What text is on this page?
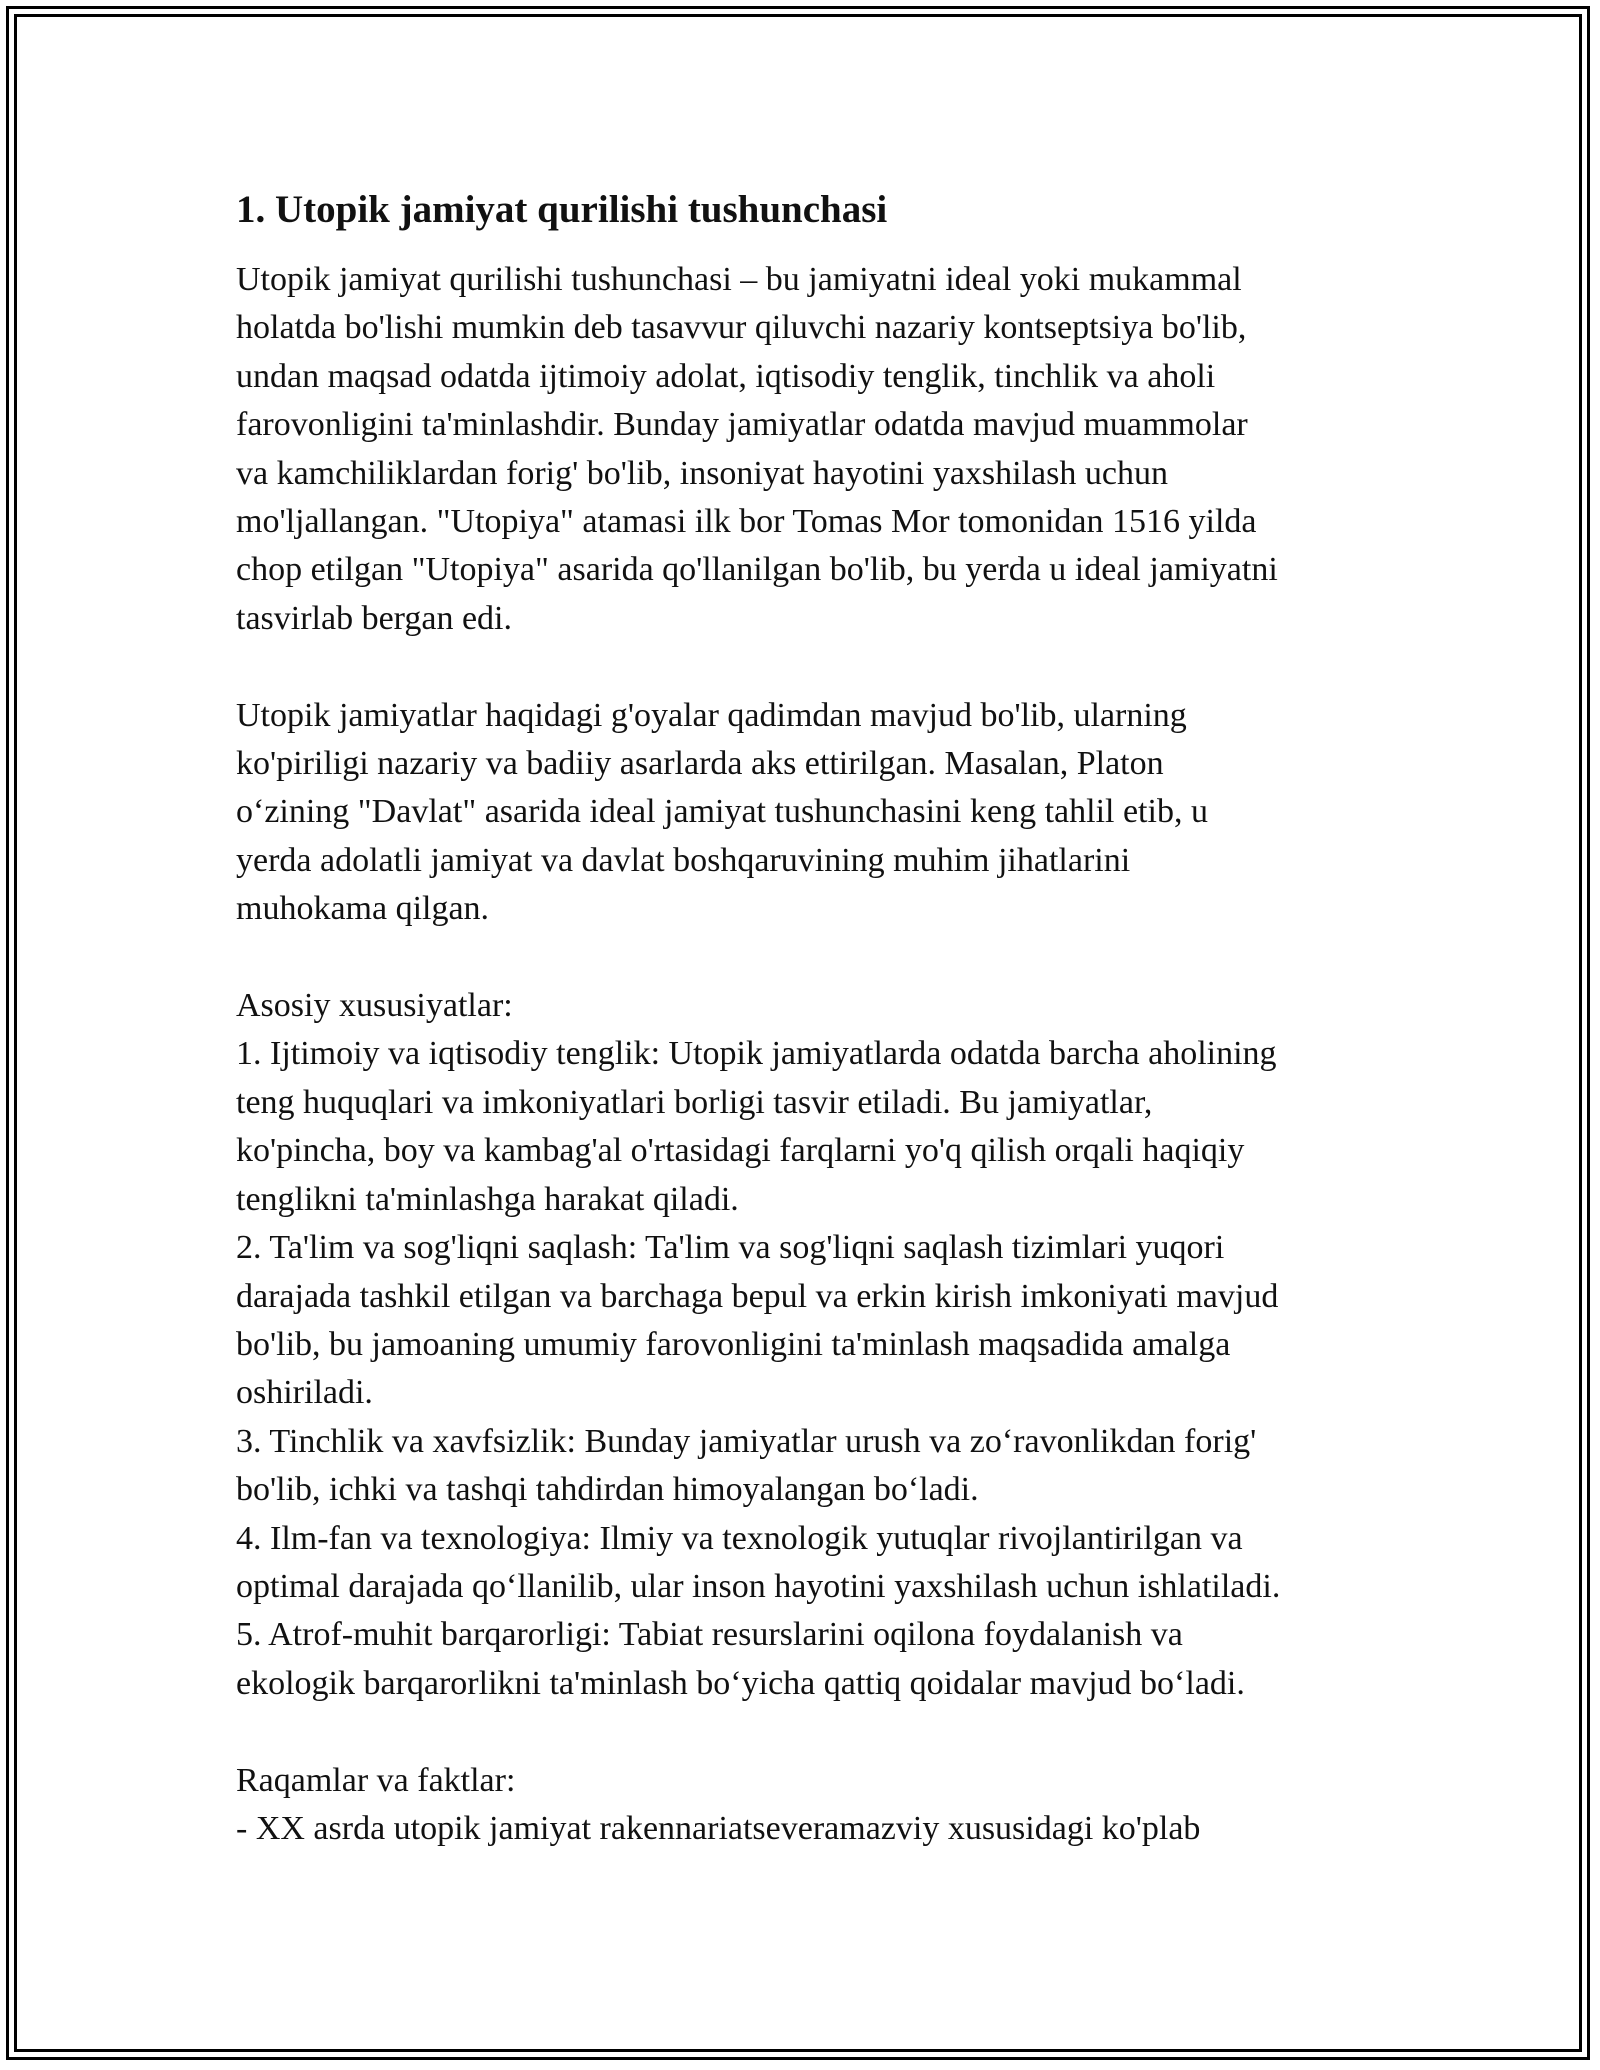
1. Utopik jamiyat qurilishi tushunchasi

Utopik jamiyat qurilishi tushunchasi – bu jamiyatni ideal yoki mukammal

holatda bo'lishi mumkin deb tasavvur qiluvchi nazariy kontseptsiya bo'lib,

undan maqsad odatda ijtimoiy adolat, iqtisodiy tenglik, tinchlik va aholi

farovonligini ta'minlashdir. Bunday jamiyatlar odatda mavjud muammolar

va kamchiliklardan forig' bo'lib, insoniyat hayotini yaxshilash uchun

mo'ljallangan. "Utopiya" atamasi ilk bor Tomas Mor tomonidan 1516 yilda

chop etilgan "Utopiya" asarida qo'llanilgan bo'lib, bu yerda u ideal jamiyatni

tasvirlab bergan edi.

Utopik jamiyatlar haqidagi g'oyalar qadimdan mavjud bo'lib, ularning

ko'piriligi nazariy va badiiy asarlarda aks ettirilgan. Masalan, Platon

o‘zining "Davlat" asarida ideal jamiyat tushunchasini keng tahlil etib, u

yerda adolatli jamiyat va davlat boshqaruvining muhim jihatlarini

muhokama qilgan.

Asosiy xususiyatlar:

1. Ijtimoiy va iqtisodiy tenglik: Utopik jamiyatlarda odatda barcha aholining

teng huquqlari va imkoniyatlari borligi tasvir etiladi. Bu jamiyatlar,

ko'pincha, boy va kambag'al o'rtasidagi farqlarni yo'q qilish orqali haqiqiy

tenglikni ta'minlashga harakat qiladi.

2. Ta'lim va sog'liqni saqlash: Ta'lim va sog'liqni saqlash tizimlari yuqori

darajada tashkil etilgan va barchaga bepul va erkin kirish imkoniyati mavjud

bo'lib, bu jamoaning umumiy farovonligini ta'minlash maqsadida amalga

oshiriladi.

3. Tinchlik va xavfsizlik: Bunday jamiyatlar urush va zo‘ravonlikdan forig'

bo'lib, ichki va tashqi tahdirdan himoyalangan bo‘ladi.

4. Ilm-fan va texnologiya: Ilmiy va texnologik yutuqlar rivojlantirilgan va

optimal darajada qo‘llanilib, ular inson hayotini yaxshilash uchun ishlatiladi.

5. Atrof-muhit barqarorligi: Tabiat resurslarini oqilona foydalanish va

ekologik barqarorlikni ta'minlash bo‘yicha qattiq qoidalar mavjud bo‘ladi.

Raqamlar va faktlar:

- XX asrda utopik jamiyat rakennariatseveramazviy xususidagi ko'plab
